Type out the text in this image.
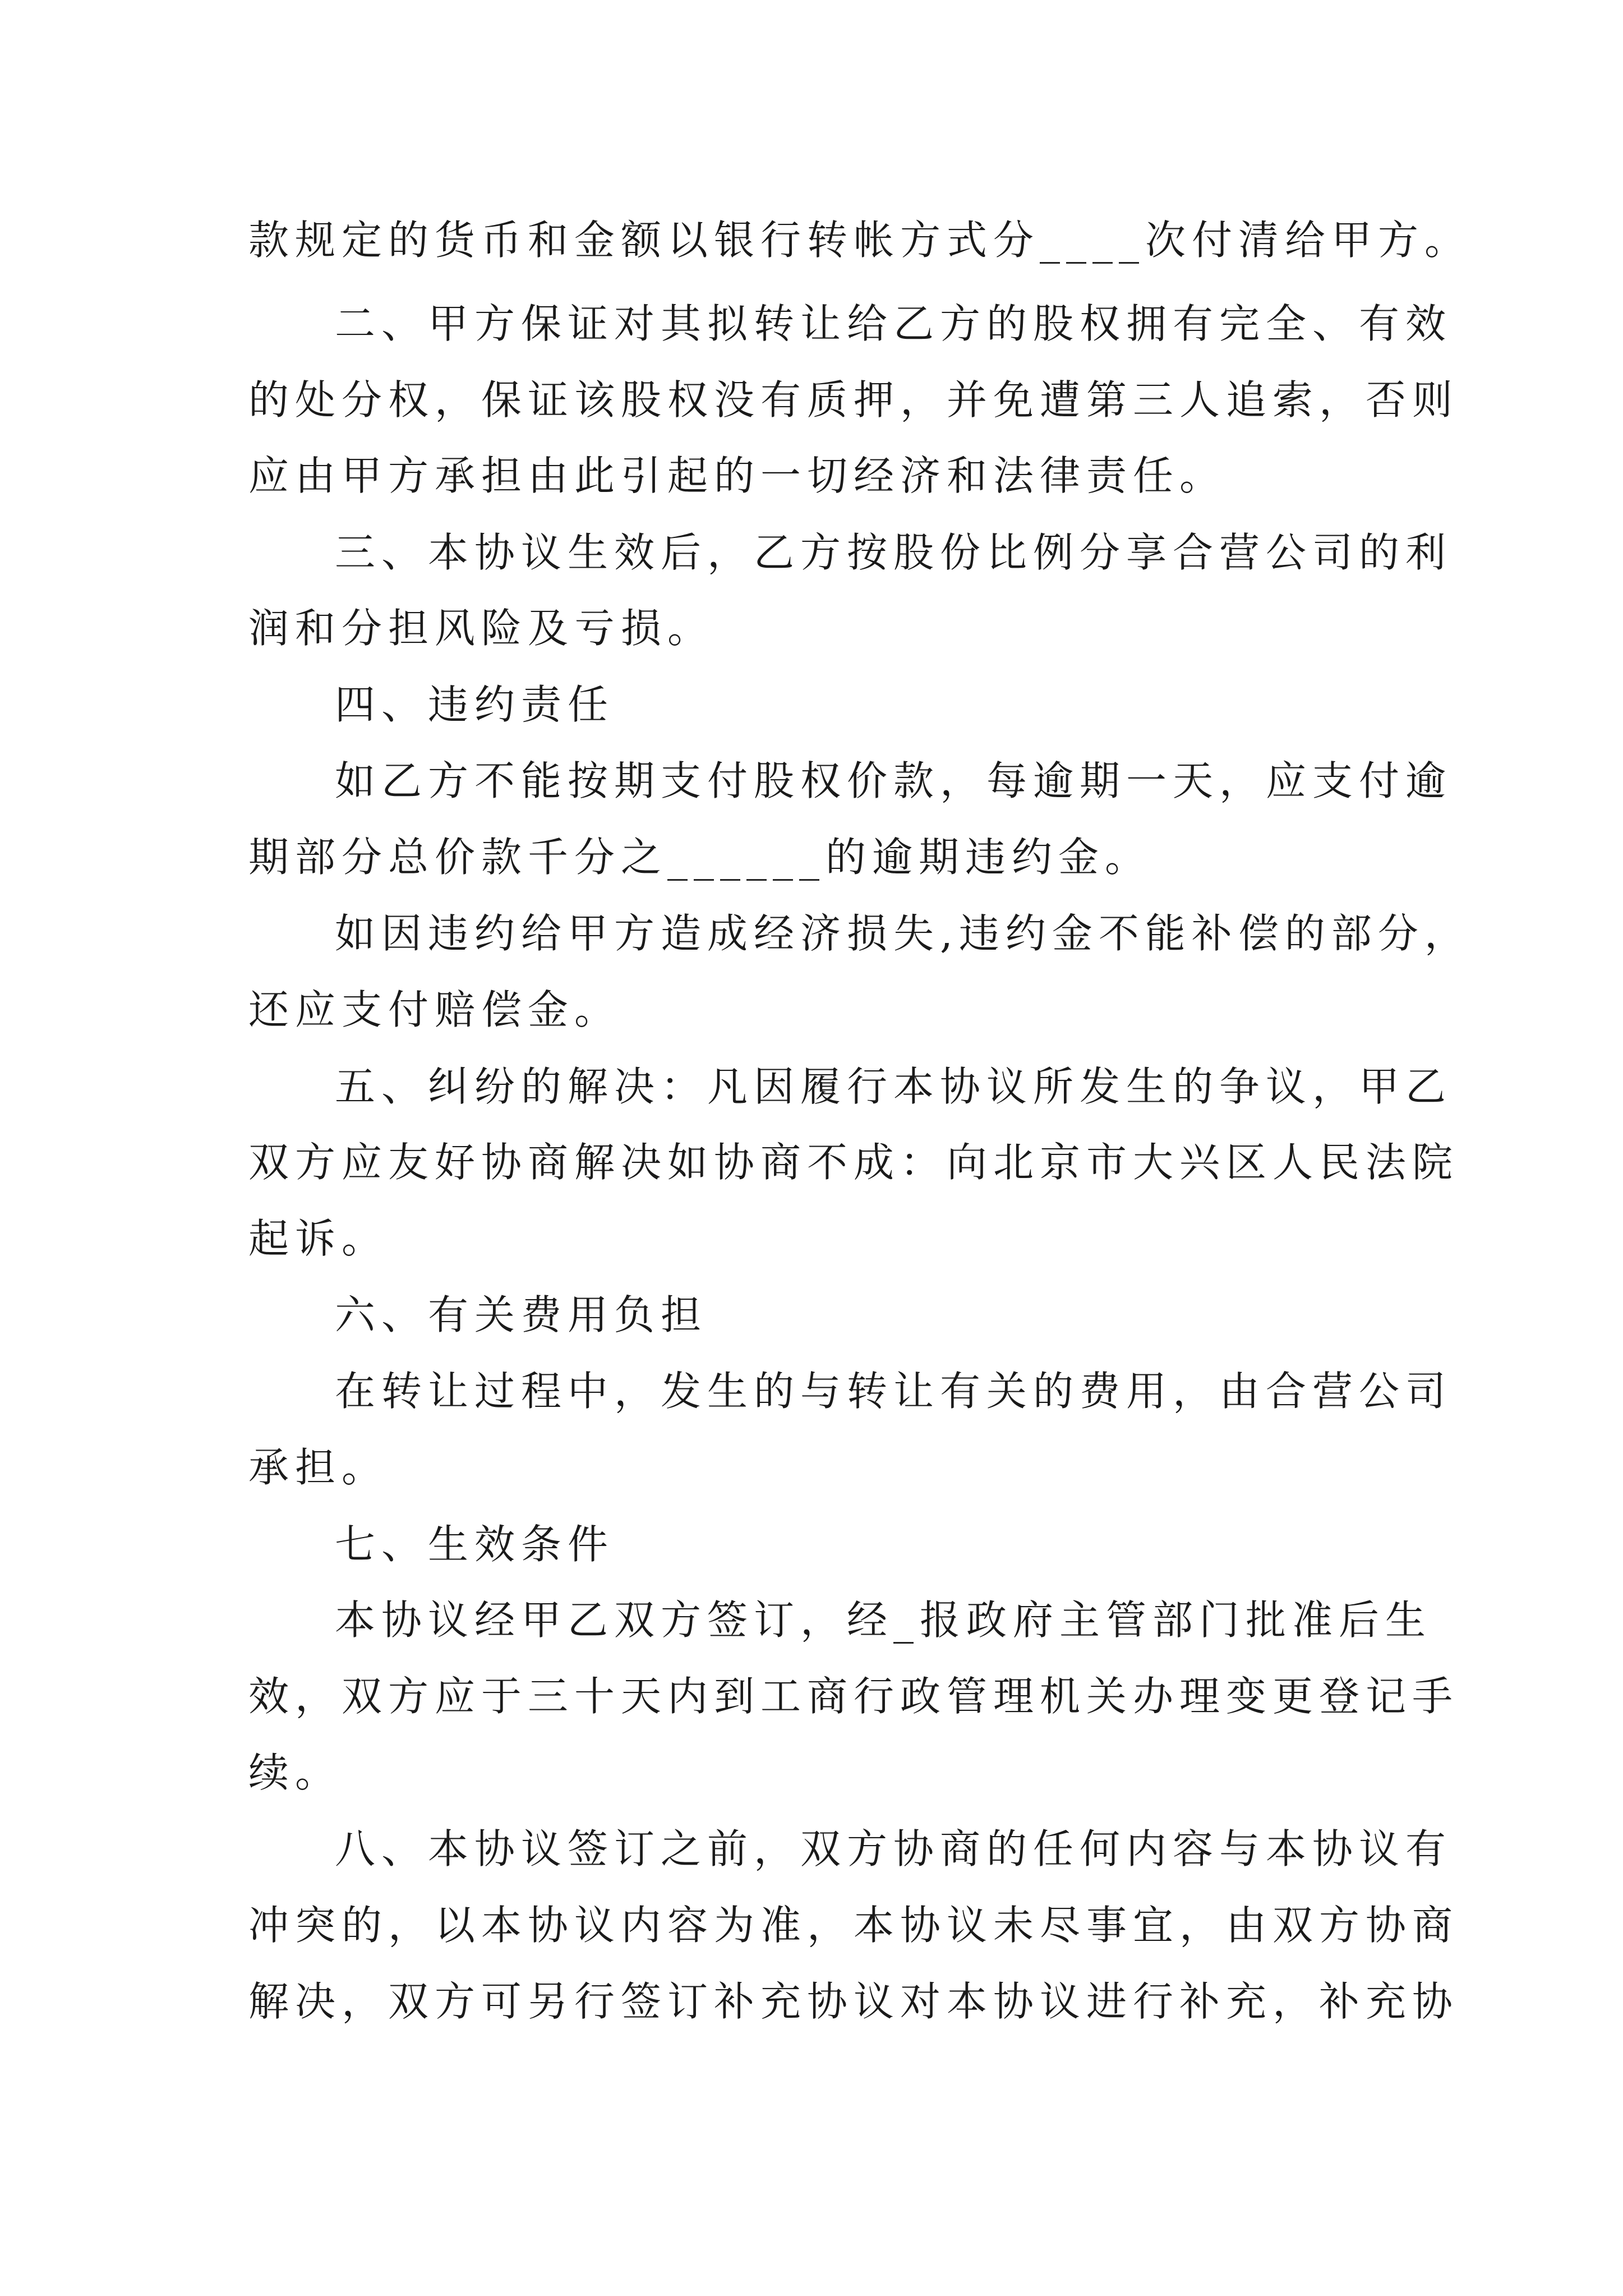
款规定的货币和金额以银行转帐方式分____次付清给甲方。
二、甲方保证对其拟转让给乙方的股权拥有完全、有效
的处分权，保证该股权没有质押，并免遭第三人追索，否则
应由甲方承担由此引起的一切经济和法律责任。
三、本协议生效后，乙方按股份比例分享合营公司的利
润和分担风险及亏损。
四、违约责任
如乙方不能按期支付股权价款，每逾期一天，应支付逾
期部分总价款千分之______的逾期违约金。
如因违约给甲方造成经济损失,违约金不能补偿的部分，
还应支付赔偿金。
五、纠纷的解决：凡因履行本协议所发生的争议，甲乙
双方应友好协商解决如协商不成：向北京市大兴区人民法院
起诉。
六、有关费用负担
在转让过程中，发生的与转让有关的费用，由合营公司
承担。
七、生效条件
本协议经甲乙双方签订，经_报政府主管部门批准后生
效，双方应于三十天内到工商行政管理机关办理变更登记手
续。
八、本协议签订之前，双方协商的任何内容与本协议有
冲突的，以本协议内容为准，本协议未尽事宜，由双方协商
解决，双方可另行签订补充协议对本协议进行补充，补充协
